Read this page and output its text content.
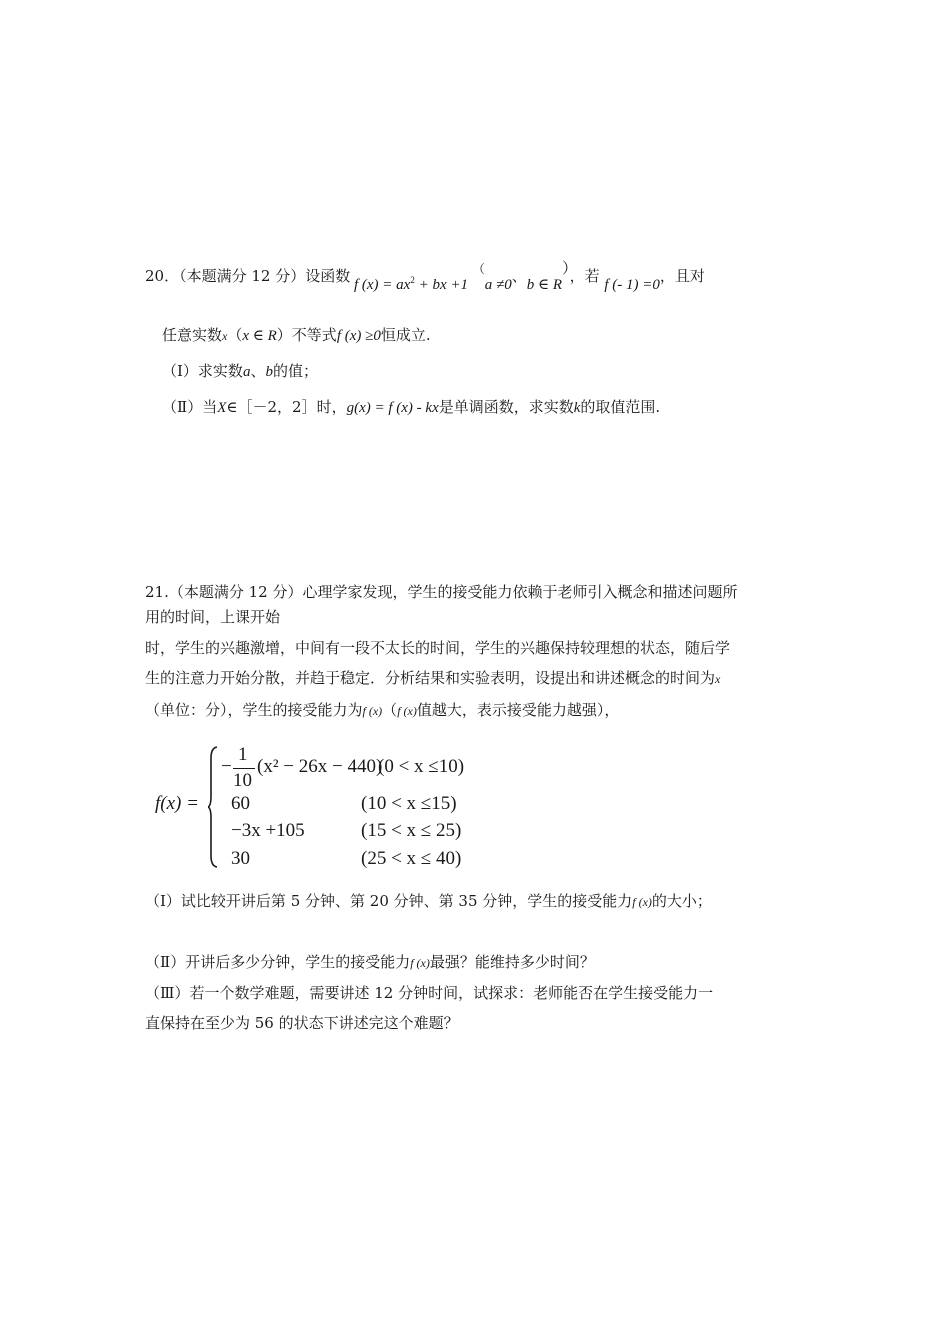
20．（本题满分 12 分）设函数 f $(x) = ax^2$ + bx +1 （a ≠0、b ∈ R），若 f (- 1) =0，且对
任意实数x（x ∈ R）不等式f (x) ≥0恒成立.
（Ⅰ）求实数a、b的值；
（Ⅱ）当X∈［－2，2］时，g(x) = f (x) - kx是单调函数，求实数k的取值范围.
21.（本题满分 12 分）心理学家发现，学生的接受能力依赖于老师引入概念和描述问题所
用的时间，上课开始
时，学生的兴趣激增，中间有一段不太长的时间，学生的兴趣保持较理想的状态，随后学
生的注意力开始分散，并趋于稳定．分析结果和实验表明，设提出和讲述概念的时间为x
（单位：分），学生的接受能力为f (x)（f (x)值越大，表示接受能力越强），
f(x) =
−
1
10
(x² − 26x − 440)
(0 < x ≤10)
60	(10 < x ≤15)
−3x +105	(15 < x ≤ 25)
30	(25 < x ≤ 40)
（Ⅰ）试比较开讲后第 5 分钟、第 20 分钟、第 35 分钟，学生的接受能力f (x)的大小；
（Ⅱ）开讲后多少分钟，学生的接受能力f (x)最强？能维持多少时间？
（Ⅲ）若一个数学难题，需要讲述 12 分钟时间，试探求：老师能否在学生接受能力一
直保持在至少为 56 的状态下讲述完这个难题？
